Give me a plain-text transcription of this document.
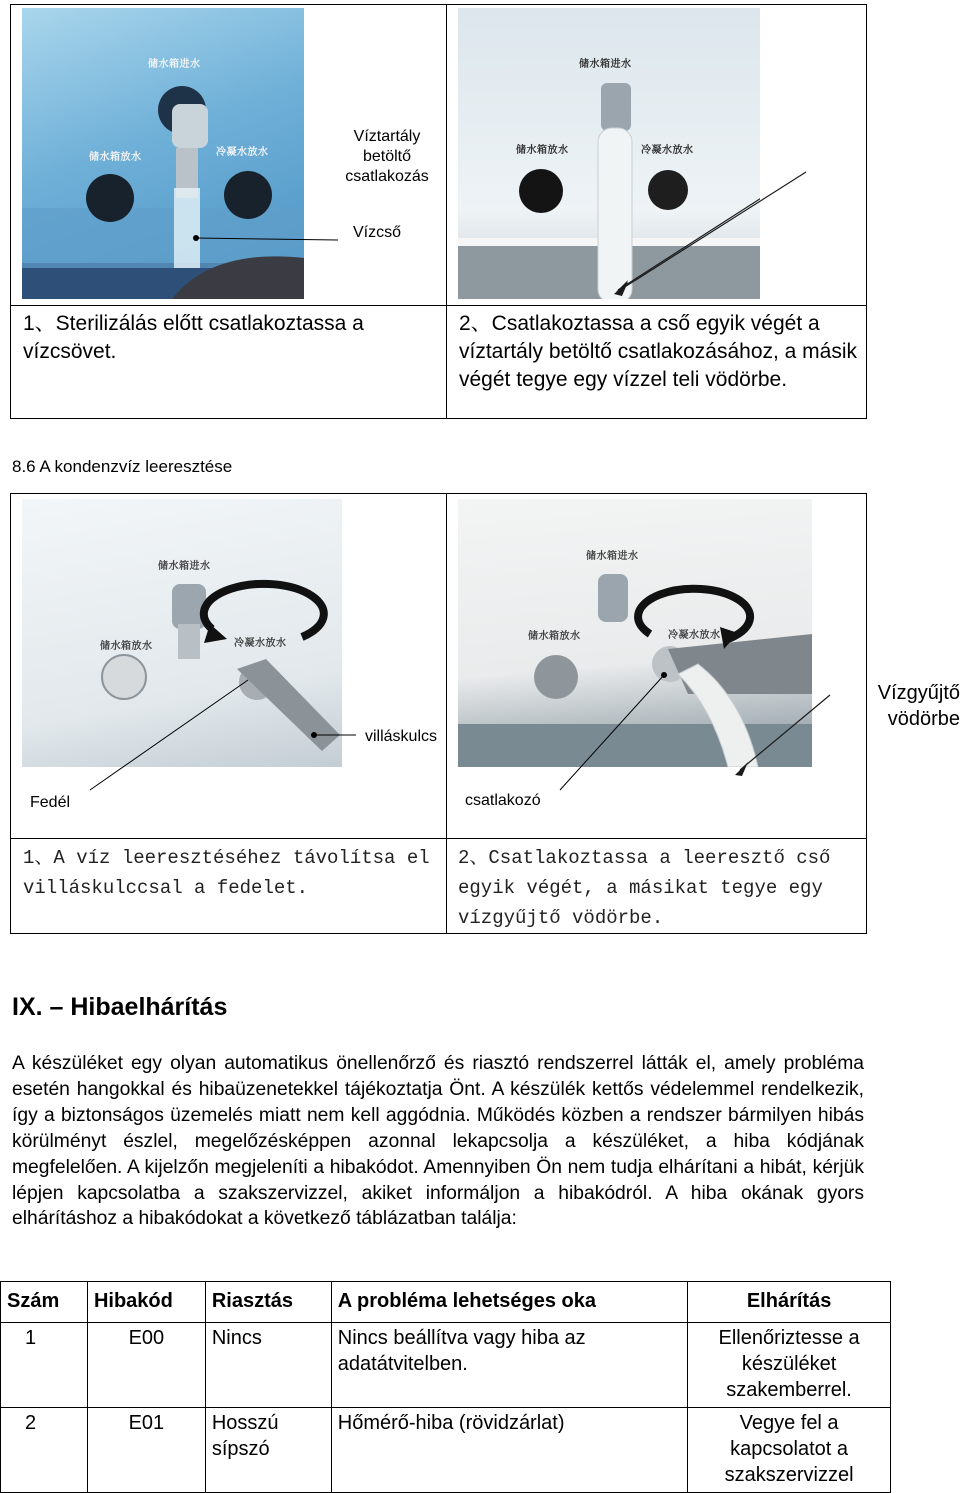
储水箱进水
储水箱放水	冷凝水放水
Víztartály
betöltő
csatlakozás
Vízcső
储水箱进水
储水箱放水	冷凝水放水
1、Sterilizálás előtt csatlakoztassa a vízcsövet.
2、Csatlakoztassa a cső egyik végét a víztartály betöltő csatlakozásához, a másik végét tegye egy vízzel teli vödörbe.
8.6 A kondenzvíz leeresztése
储水箱进水
储水箱放水	冷凝水放水
储水箱进水
储水箱放水	冷凝水放水
villáskulcs
Vízgyűjtő
vödörbe
Fedél	csatlakozó
1、A víz leeresztéséhez távolítsa el villáskulccsal a fedelet.
2、Csatlakoztassa a leeresztő cső egyik végét, a másikat tegye egy vízgyűjtő vödörbe.
IX. – Hibaelhárítás
A készüléket egy olyan automatikus önellenőrző és riasztó rendszerrel látták el, amely probléma esetén hangokkal és hibaüzenetekkel tájékoztatja Önt. A készülék kettős védelemmel rendelkezik, így a biztonságos üzemelés miatt nem kell aggódnia. Működés közben a rendszer bármilyen hibás körülményt észlel, megelőzésképpen azonnal lekapcsolja a készüléket, a hiba kódjának megfelelően. A kijelzőn megjeleníti a hibakódot. Amennyiben Ön nem tudja elhárítani a hibát, kérjük lépjen kapcsolatba a szakszervizzel, akiket informáljon a hibakódról. A hiba okának gyors elhárításhoz a hibakódokat a következő táblázatban találja:
Szám	Hibakód	Riasztás	A probléma lehetséges oka	Elhárítás
1	E00	Nincs	Nincs beállítva vagy hiba az adatátvitelben.	Ellenőriztesse a készüléket szakemberrel.
2	E01	Hosszú sípszó	Hőmérő-hiba (rövidzárlat)	Vegye fel a kapcsolatot a szakszervizzel
